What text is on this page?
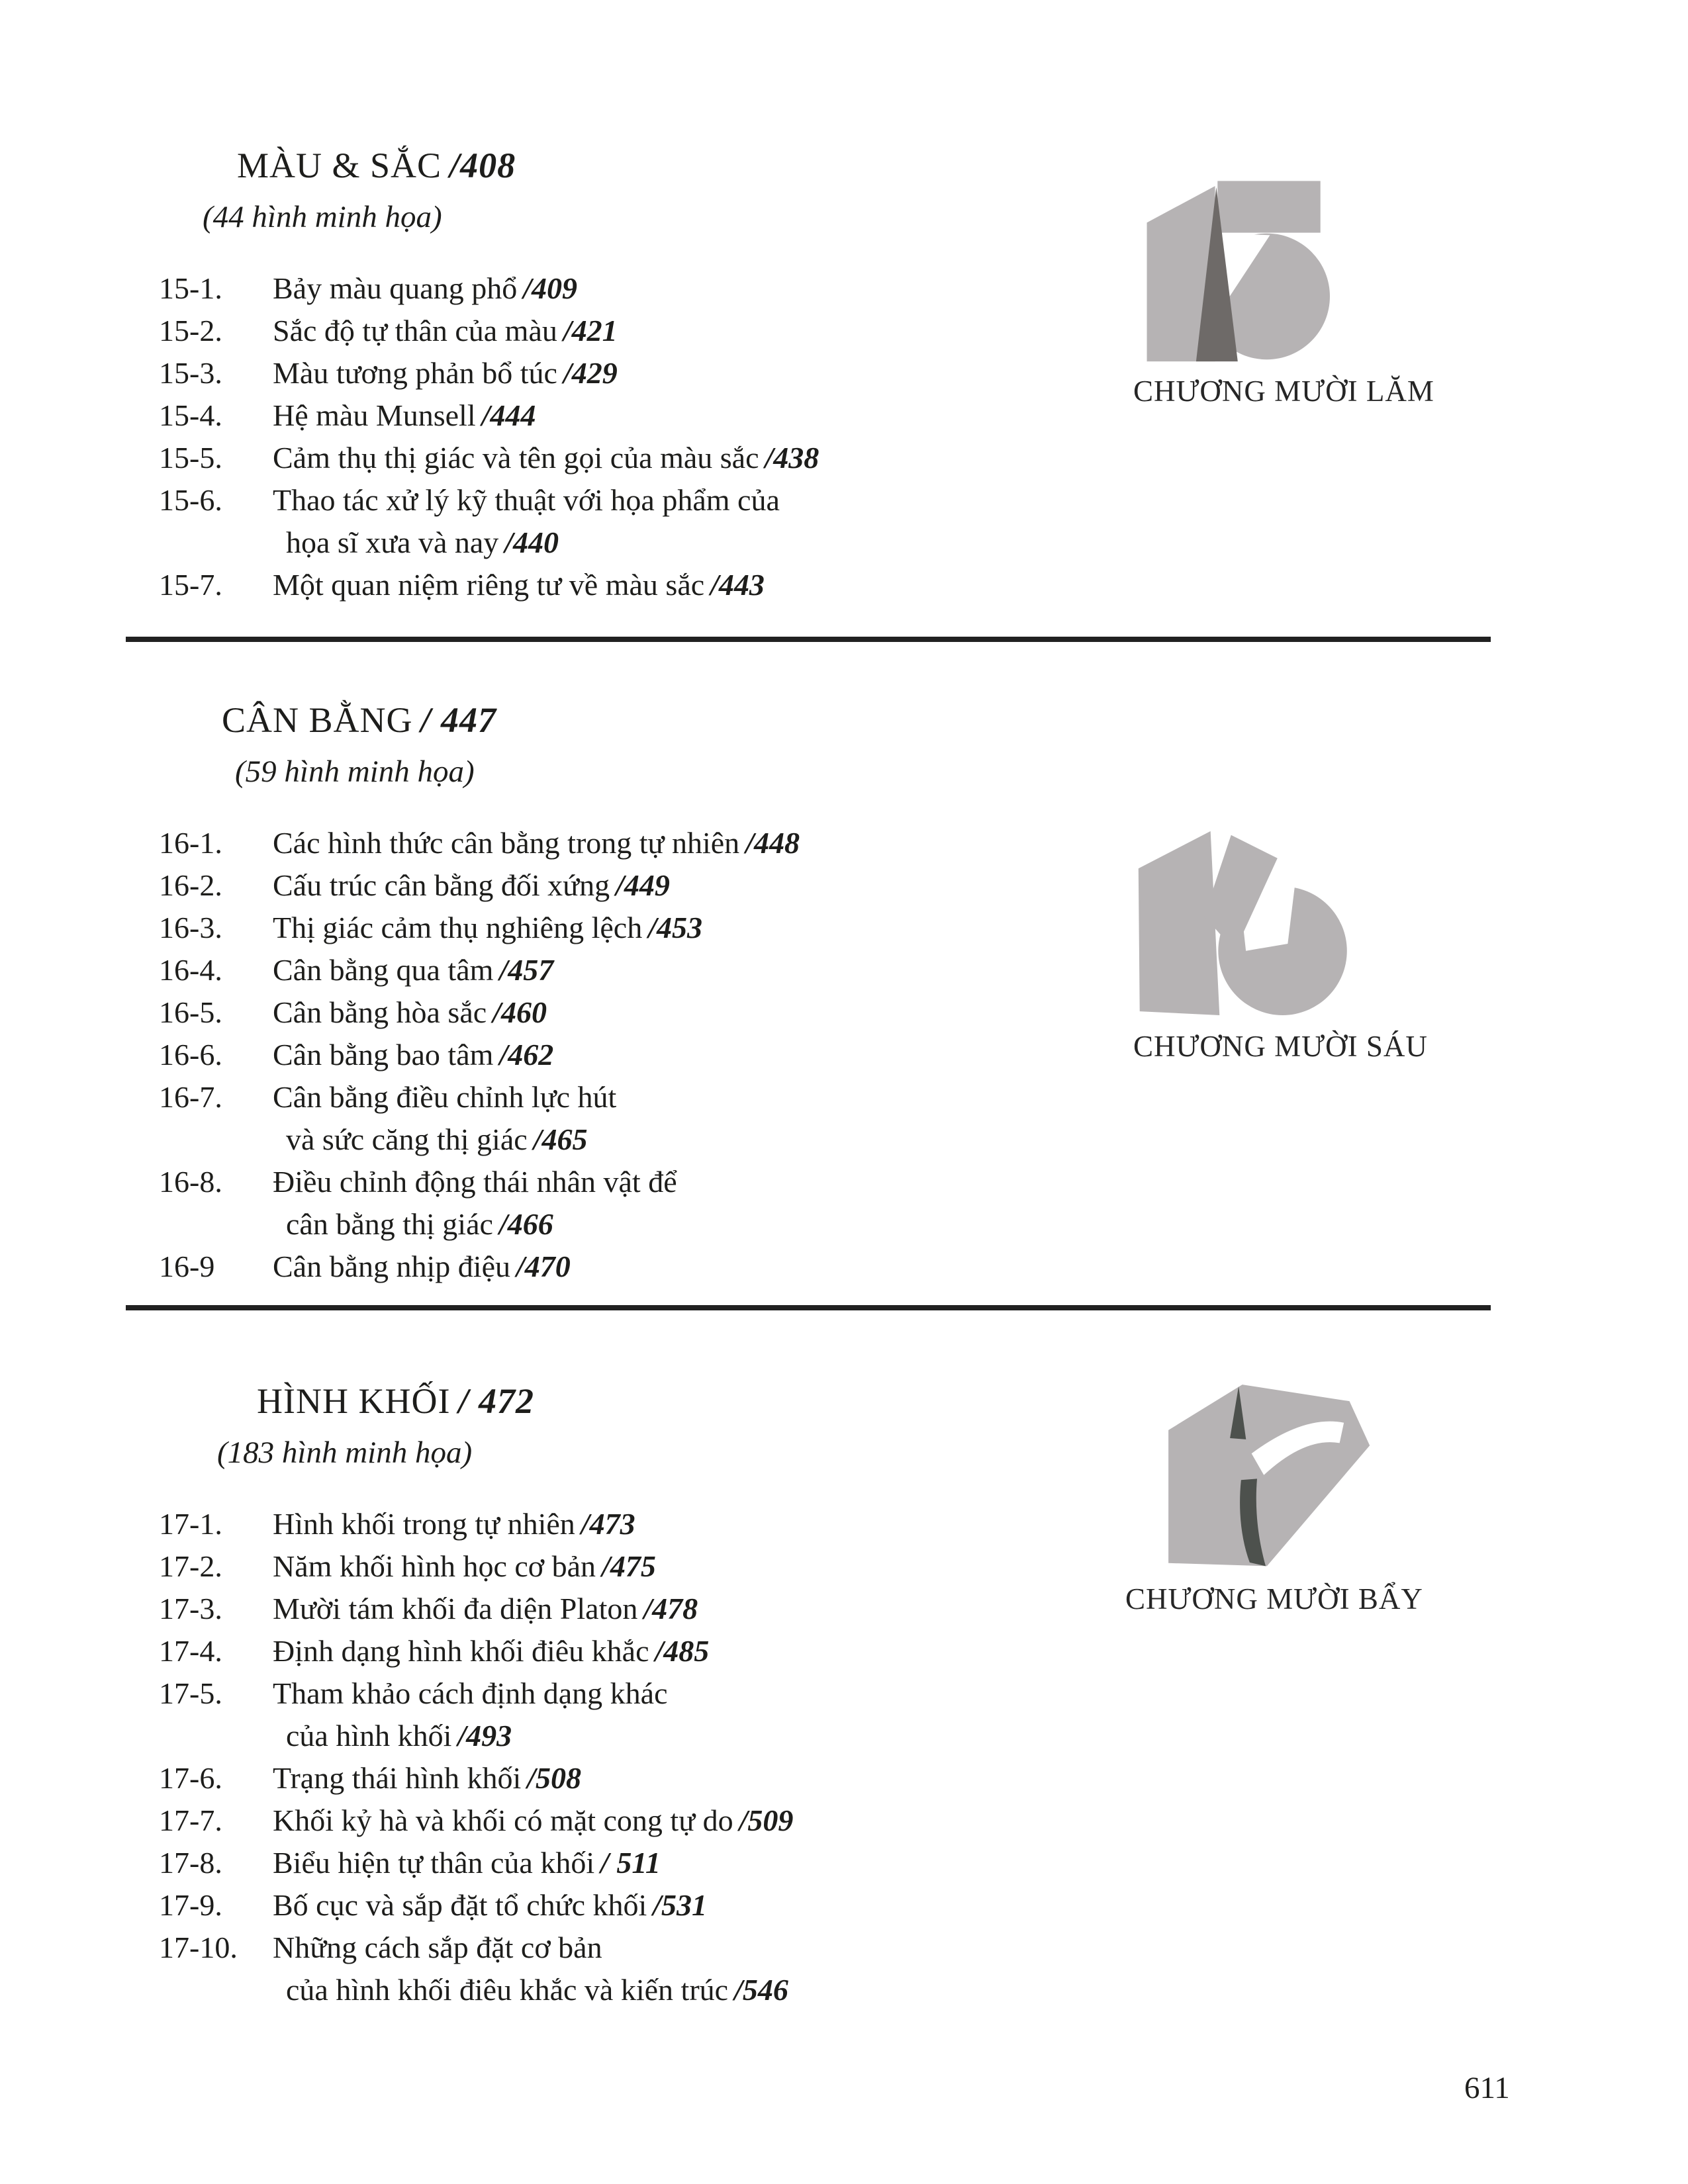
MÀU & SẮC /408
(44 hình minh họa)
15-1.	Bảy màu quang phổ /409
15-2.	Sắc độ tự thân của màu /421
15-3.	Màu tương phản bổ túc /429
15-4.	Hệ màu Munsell /444
15-5.	Cảm thụ thị giác và tên gọi của màu sắc /438
15-6.	Thao tác xử lý kỹ thuật với họa phẩm của
họa sĩ xưa và nay /440
15-7.	Một quan niệm riêng tư về màu sắc /443
CÂN BẰNG / 447
(59 hình minh họa)
16-1.	Các hình thức cân bằng trong tự nhiên /448
16-2.	Cấu trúc cân bằng đối xứng /449
16-3.	Thị giác cảm thụ nghiêng lệch /453
16-4.	Cân bằng qua tâm /457
16-5.	Cân bằng hòa sắc /460
16-6.	Cân bằng bao tâm /462
16-7.	Cân bằng điều chỉnh lực hút
và sức căng thị giác /465
16-8.	Điều chỉnh động thái nhân vật để
cân bằng thị giác /466
16-9	Cân bằng nhịp điệu /470
HÌNH KHỐI / 472
(183 hình minh họa)
17-1.	Hình khối trong tự nhiên /473
17-2.	Năm khối hình học cơ bản /475
17-3.	Mười tám khối đa diện Platon /478
17-4.	Định dạng hình khối điêu khắc /485
17-5.	Tham khảo cách định dạng khác
của hình khối /493
17-6.	Trạng thái hình khối /508
17-7.	Khối kỷ hà và khối có mặt cong tự do /509
17-8.	Biểu hiện tự thân của khối / 511
17-9.	Bố cục và sắp đặt tổ chức khối /531
17-10.	Những cách sắp đặt cơ bản
của hình khối điêu khắc và kiến trúc /546
CHƯƠNG MƯỜI LĂM
CHƯƠNG MƯỜI SÁU
CHƯƠNG MƯỜI BẨY
611
